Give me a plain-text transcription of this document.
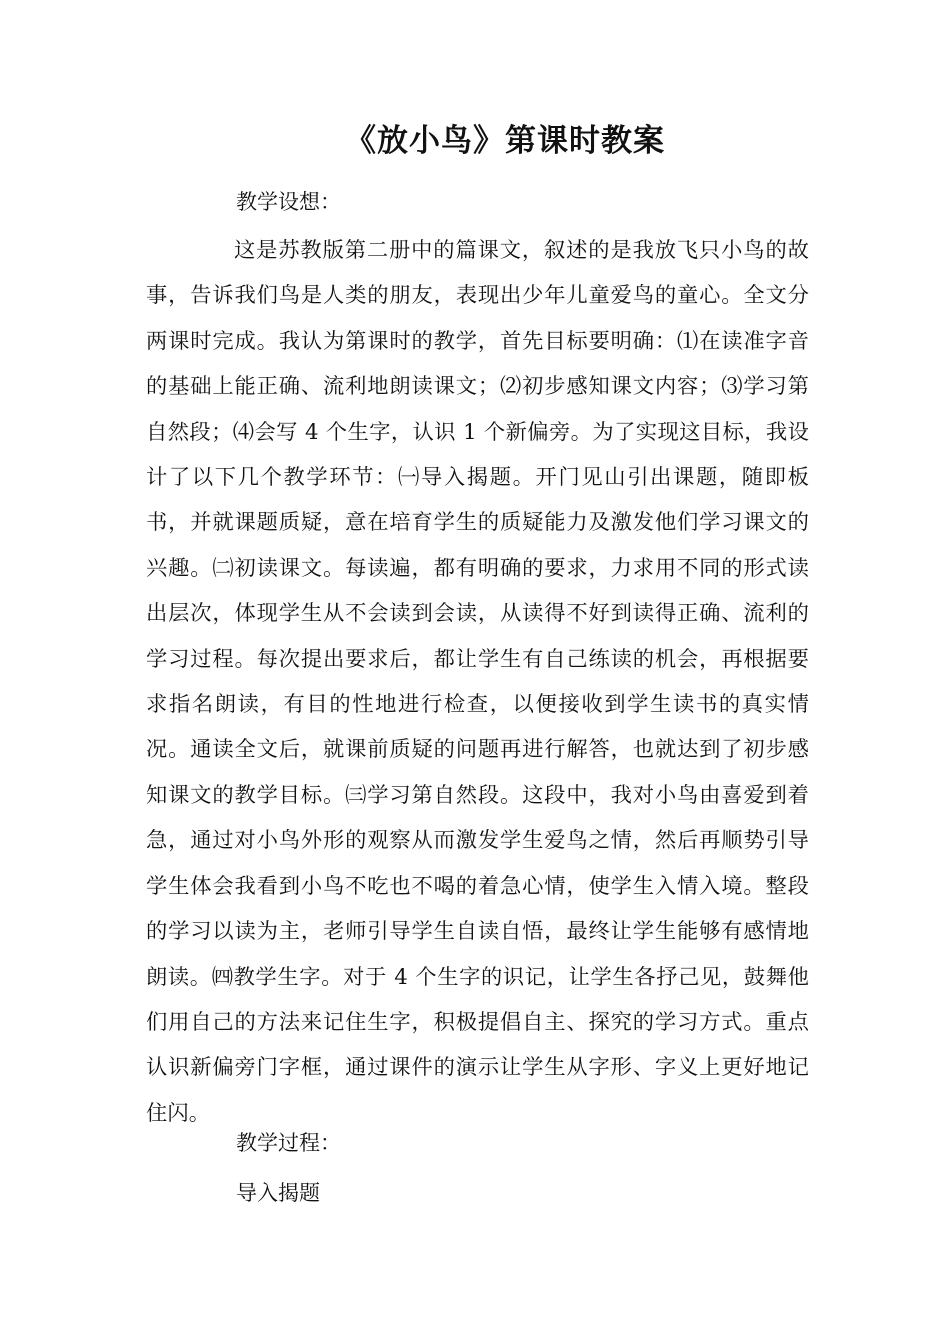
《放小鸟》第课时教案

教学设想：

这是苏教版第二册中的篇课文，叙述的是我放飞只小鸟的故事，告诉我们鸟是人类的朋友，表现出少年儿童爱鸟的童心。全文分两课时完成。我认为第课时的教学，首先目标要明确：⑴在读准字音的基础上能正确、流利地朗读课文；⑵初步感知课文内容；⑶学习第自然段；⑷会写 4 个生字，认识 1 个新偏旁。为了实现这目标，我设计了以下几个教学环节：㈠导入揭题。开门见山引出课题，随即板书，并就课题质疑，意在培育学生的质疑能力及激发他们学习课文的兴趣。㈡初读课文。每读遍，都有明确的要求，力求用不同的形式读出层次，体现学生从不会读到会读，从读得不好到读得正确、流利的学习过程。每次提出要求后，都让学生有自己练读的机会，再根据要求指名朗读，有目的性地进行检查，以便接收到学生读书的真实情况。通读全文后，就课前质疑的问题再进行解答，也就达到了初步感知课文的教学目标。㈢学习第自然段。这段中，我对小鸟由喜爱到着急，通过对小鸟外形的观察从而激发学生爱鸟之情，然后再顺势引导学生体会我看到小鸟不吃也不喝的着急心情，使学生入情入境。整段的学习以读为主，老师引导学生自读自悟，最终让学生能够有感情地朗读。㈣教学生字。对于 4 个生字的识记，让学生各抒己见，鼓舞他们用自己的方法来记住生字，积极提倡自主、探究的学习方式。重点认识新偏旁门字框，通过课件的演示让学生从字形、字义上更好地记住闪。

教学过程：

导入揭题
